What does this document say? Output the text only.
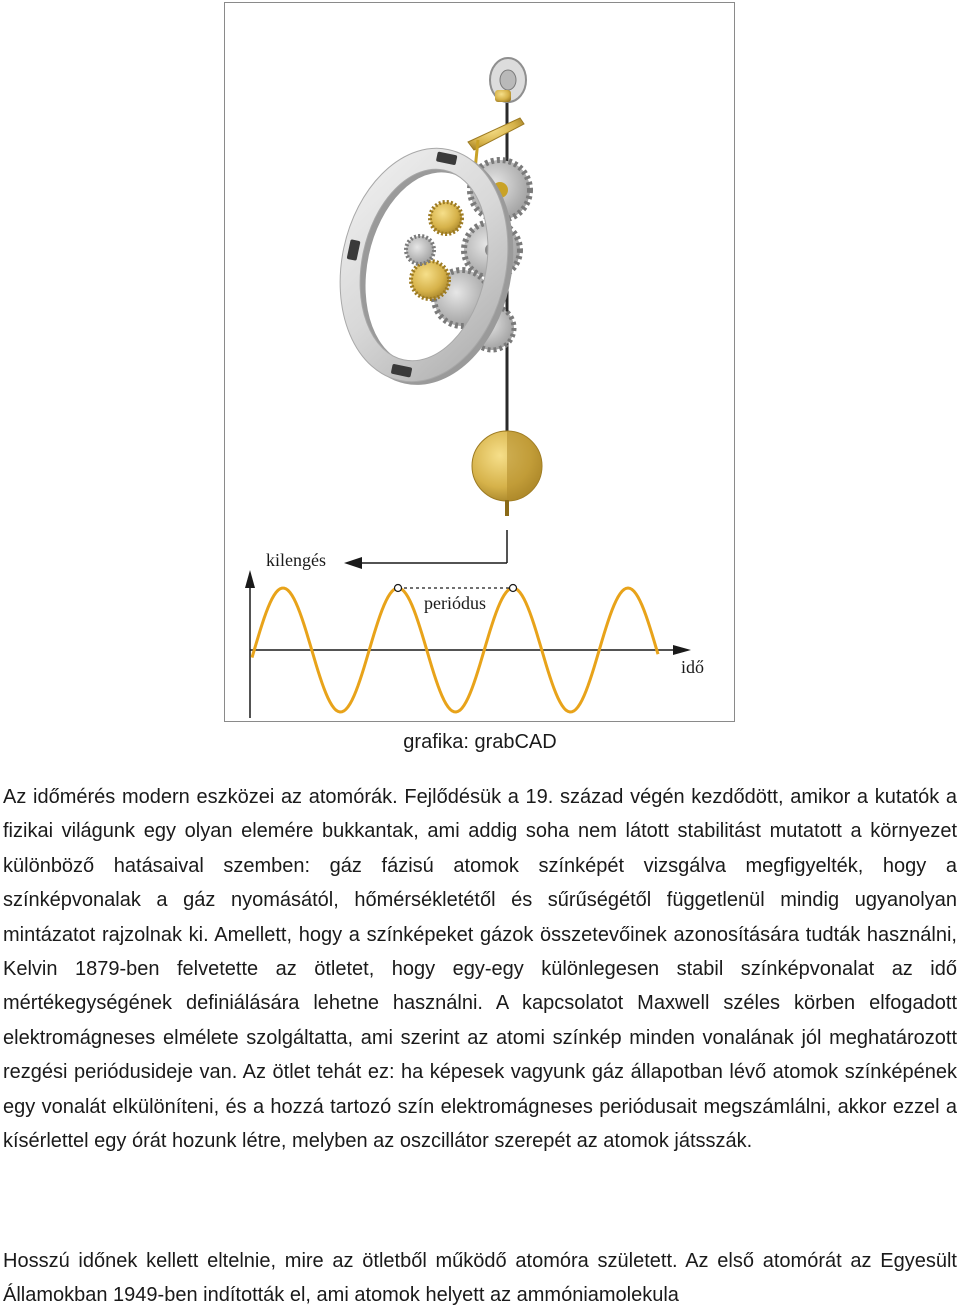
kilengés
periódus
idő

grafika: grabCAD

Az időmérés modern eszközei az atomórák. Fejlődésük a 19. század végén kezdődött, amikor a kutatók a fizikai világunk egy olyan elemére bukkantak, ami addig soha nem látott stabilitást mutatott a környezet különböző hatásaival szemben: gáz fázisú atomok színképét vizsgálva megfigyelték, hogy a színképvonalak a gáz nyomásától, hőmérsékletétől és sűrűségétől függetlenül mindig ugyanolyan mintázatot rajzolnak ki. Amellett, hogy a színképeket gázok összetevőinek azonosítására tudták használni, Kelvin 1879-ben felvetette az ötletet, hogy egy-egy különlegesen stabil színképvonalat az idő mértékegységének definiálására lehetne használni. A kapcsolatot Maxwell széles körben elfogadott elektromágneses elmélete szolgáltatta, ami szerint az atomi színkép minden vonalának jól meghatározott rezgési periódusideje van. Az ötlet tehát ez: ha képesek vagyunk gáz állapotban lévő atomok színképének egy vonalát elkülöníteni, és a hozzá tartozó szín elektromágneses periódusait megszámlálni, akkor ezzel a kísérlettel egy órát hozunk létre, melyben az oszcillátor szerepét az atomok játsszák.

Hosszú időnek kellett eltelnie, mire az ötletből működő atomóra született. Az első atomórát az Egyesült Államokban 1949-ben indították el, ami atomok helyett az ammóniamolekula
